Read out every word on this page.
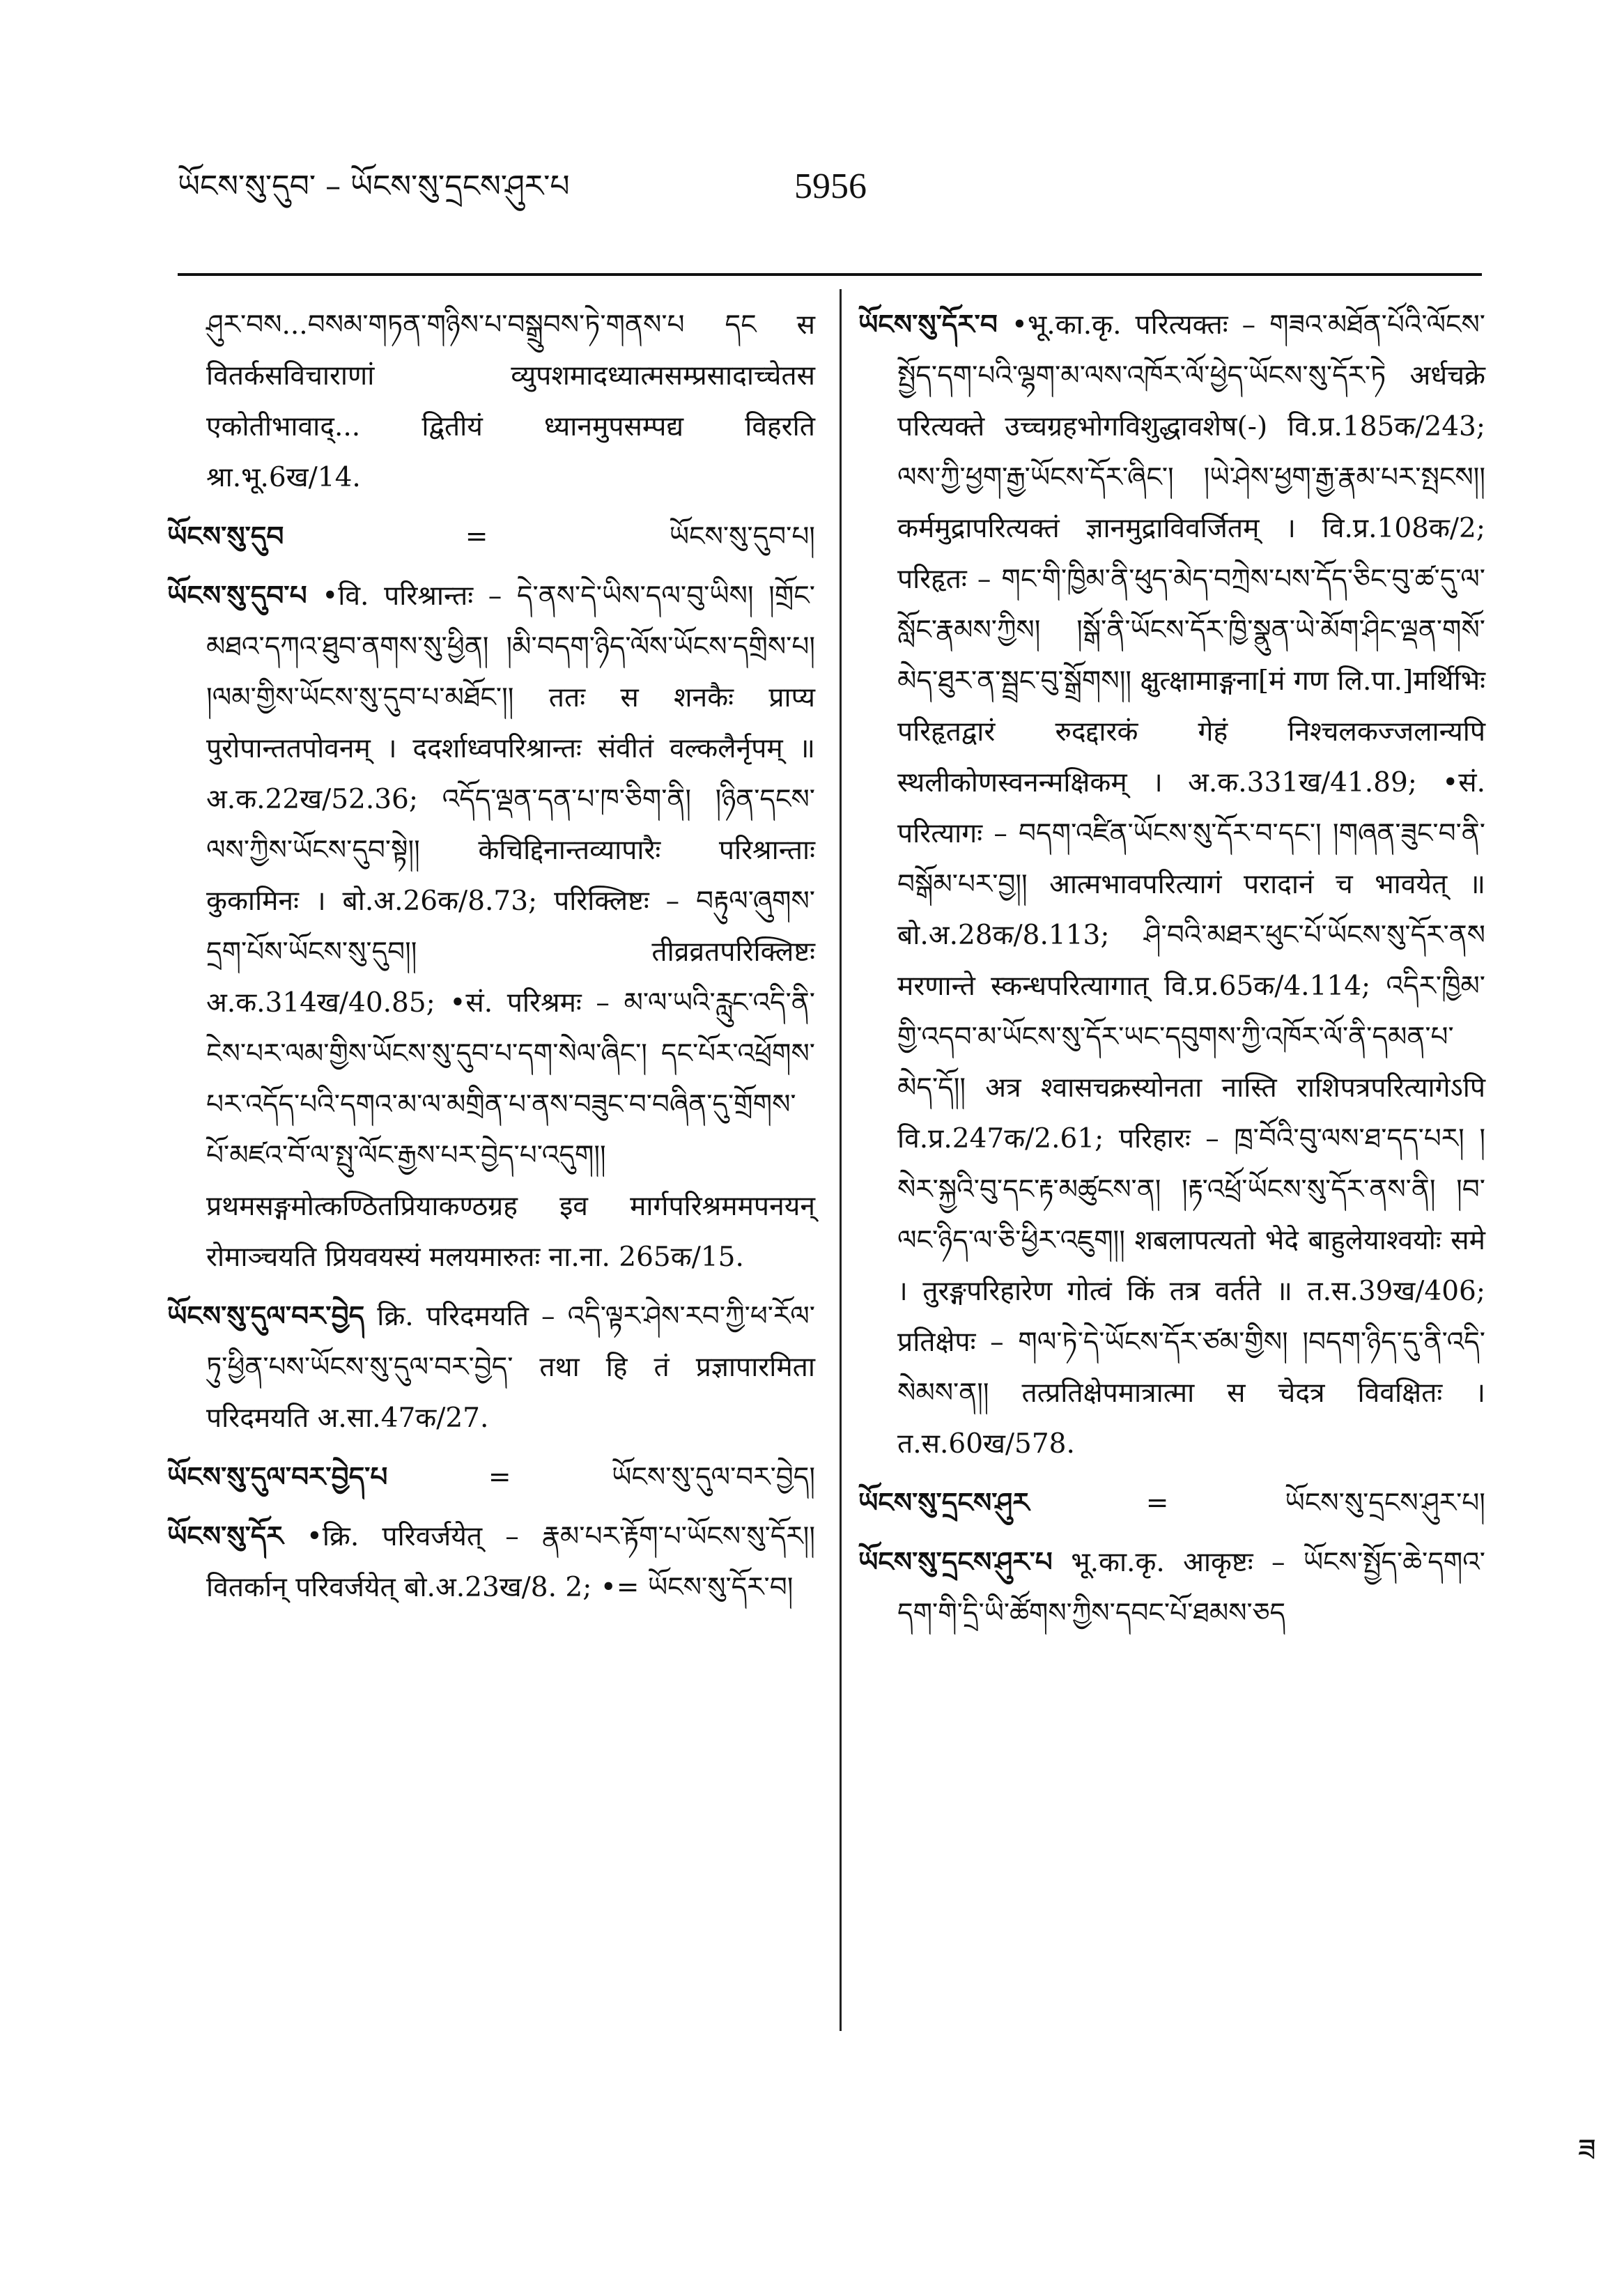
ཡོངས་སུ་དུབ་ – ཡོངས་སུ་དྲངས་ཤུར་པ	5956

ཤུར་བས...བསམ་གཏན་གཉིས་པ་བསྒྲུབས་ཏེ་གནས་པ དང स वितर्कसविचाराणां व्युपशमादध्यात्मसम्प्रसादाच्चेतस एकोतीभावाद्... द्वितीयं ध्यानमुपसम्पद्य विहरति श्रा.भू.6ख/14.

ཡོངས་སུ་དུབ	=	ཡོངས་སུ་དུབ་པ།

ཡོངས་སུ་དུབ་པ •वि. परिश्रान्तः – དེ་ནས་དེ་ཡིས་དལ་བུ་ཡིས། །གྲོང་མཐའ་དཀའ་ཐུབ་ནགས་སུ་ཕྱིན། །མི་བདག་ཉིད་ལོས་ཡོངས་དགྲིས་པ། །ལམ་གྱིས་ཡོངས་སུ་དུབ་པ་མཐོང་།། ततः स शनकैः प्राप्य पुरोपान्ततपोवनम् । ददर्शाध्वपरिश्रान्तः संवीतं वल्कलैर्नृपम् ॥ अ.क.22ख/52.36; འདོད་ལྡན་དན་པ་ཁ་ཅིག་ནི། །ཉིན་དངས་ལས་ཀྱིས་ཡོངས་དུབ་སྟེ།། केचिद्दिनान्तव्यापारैः परिश्रान्ताः कुकामिनः । बो.अ.26क/8.73; परिक्लिष्टः – བརྟུལ་ཞུགས་དྲག་པོས་ཡོངས་སུ་དུབ།། तीव्रव्रतपरिक्लिष्टः अ.क.314ख/40.85; •सं. परिश्रमः – མ་ལ་ཡའི་རླུང་འདི་ནི་ངེས་པར་ལམ་གྱིས་ཡོངས་སུ་དུབ་པ་དག་སེལ་ཞིང་། དང་པོར་འཕྲོགས་པར་འདོད་པའི་དགའ་མ་ལ་མགྲིན་པ་ནས་བཟུང་བ་བཞིན་དུ་གྲོགས་པོ་མཛའ་བོ་ལ་སྤུ་ལོང་རྒྱས་པར་བྱེད་པ་འདུག།། प्रथमसङ्गमोत्कण्ठितप्रियाकण्ठग्रह इव मार्गपरिश्रममपनयन् रोमाञ्चयति प्रियवयस्यं मलयमारुतः ना.ना. 265क/15.

ཡོངས་སུ་དུལ་བར་བྱེད क्रि. परिदमयति – འདི་ལྟར་ཤེས་རབ་ཀྱི་ཕ་རོལ་ཏུ་ཕྱིན་པས་ཡོངས་སུ་དུལ་བར་བྱེད་ तथा हि तं प्रज्ञापारमिता परिदमयति अ.सा.47क/27.

ཡོངས་སུ་དུལ་བར་བྱེད་པ	=	ཡོངས་སུ་དུལ་བར་བྱེད།

ཡོངས་སུ་དོར •क्रि. परिवर्जयेत् – རྣམ་པར་རྟོག་པ་ཡོངས་སུ་དོར།། वितर्कान् परिवर्जयेत् बो.अ.23ख/8. 2; •= ཡོངས་སུ་དོར་བ།

ཡོངས་སུ་དོར་བ •भू.का.कृ. परित्यक्तः – གཟའ་མཐོན་པོའི་ལོངས་སྤྱོད་དག་པའི་ལྷག་མ་ལས་འཁོར་ལོ་ཕྱེད་ཡོངས་སུ་དོར་ཏེ अर्धचक्रे परित्यक्ते उच्चग्रहभोगविशुद्धावशेष(-) वि.प्र.185क/243; ལས་ཀྱི་ཕྱག་རྒྱ་ཡོངས་དོར་ཞིང་། །ཡེ་ཤེས་ཕྱག་རྒྱ་རྣམ་པར་སྤངས།། कर्ममुद्रापरित्यक्तं ज्ञानमुद्राविवर्जितम् । वि.प्र.108क/2; परिहृतः – གང་གི་ཁྱིམ་ནི་ཕུད་མེད་བཀྲེས་པས་དོད་ཅིང་བུ་ཚ་དུ་ལ་སློང་རྣམས་ཀྱིས། །སྒོ་ནི་ཡོངས་དོར་ཁྱི་སྣུན་ཡེ་མོག་ཤིང་ལྡན་གསོ་མེད་ཐུར་ན་སྦྲང་བུ་སྒྲོགས།། क्षुत्क्षामाङ्गना[मं गण लि.पा.]मर्थिभिः परिहृतद्वारं रुदद्दारकं गेहं निश्चलकज्जलान्यपि स्थलीकोणस्वनन्मक्षिकम् । अ.क.331ख/41.89; •सं. परित्यागः – བདག་འཛིན་ཡོངས་སུ་དོར་བ་དང་། །གཞན་ཟུང་བ་ནི་བསྒོམ་པར་བྱ།། आत्मभावपरित्यागं परादानं च भावयेत् ॥ बो.अ.28क/8.113; ཤི་བའི་མཐར་ཕུང་པོ་ཡོངས་སུ་དོར་ནས मरणान्ते स्कन्धपरित्यागात् वि.प्र.65क/4.114; འདིར་ཁྱིམ་གྱི་འདབ་མ་ཡོངས་སུ་དོར་ཡང་དབུགས་ཀྱི་འཁོར་ལོ་ནི་དམན་པ་མེད་དོ།། अत्र श्वासचक्रस्योनता नास्ति राशिपत्रपरित्यागेऽपि वि.प्र.247क/2.61; परिहारः – ཁྲ་བོའི་བུ་ལས་ཐ་དད་པར། །སེར་སྐྱའི་བུ་དང་རྟ་མཚུངས་ན། །རྟ་འཕྲོ་ཡོངས་སུ་དོར་ནས་ནི། །བ་ལང་ཉིད་ལ་ཅི་ཕྱིར་འཇུག།། शबलापत्यतो भेदे बाहुलेयाश्वयोः समे । तुरङ्गपरिहारेण गोत्वं किं तत्र वर्तते ॥ त.स.39ख/406; प्रतिक्षेपः – གལ་ཏེ་དེ་ཡོངས་དོར་ཙམ་གྱིས། །བདག་ཉིད་དུ་ནི་འདི་སེམས་ན།། तत्प्रतिक्षेपमात्रात्मा स चेदत्र विवक्षितः । त.स.60ख/578.

ཡོངས་སུ་དྲངས་ཤུར	=	ཡོངས་སུ་དྲངས་ཤུར་པ།

ཡོངས་སུ་དྲངས་ཤུར་པ भू.का.कृ. आकृष्टः – ཡོངས་སྤྱོད་ཆེ་དགའ་དག་གི་དྲི་ཡི་ཚོགས་ཀྱིས་དབང་པོ་ཐམས་ཅད

ཟ
